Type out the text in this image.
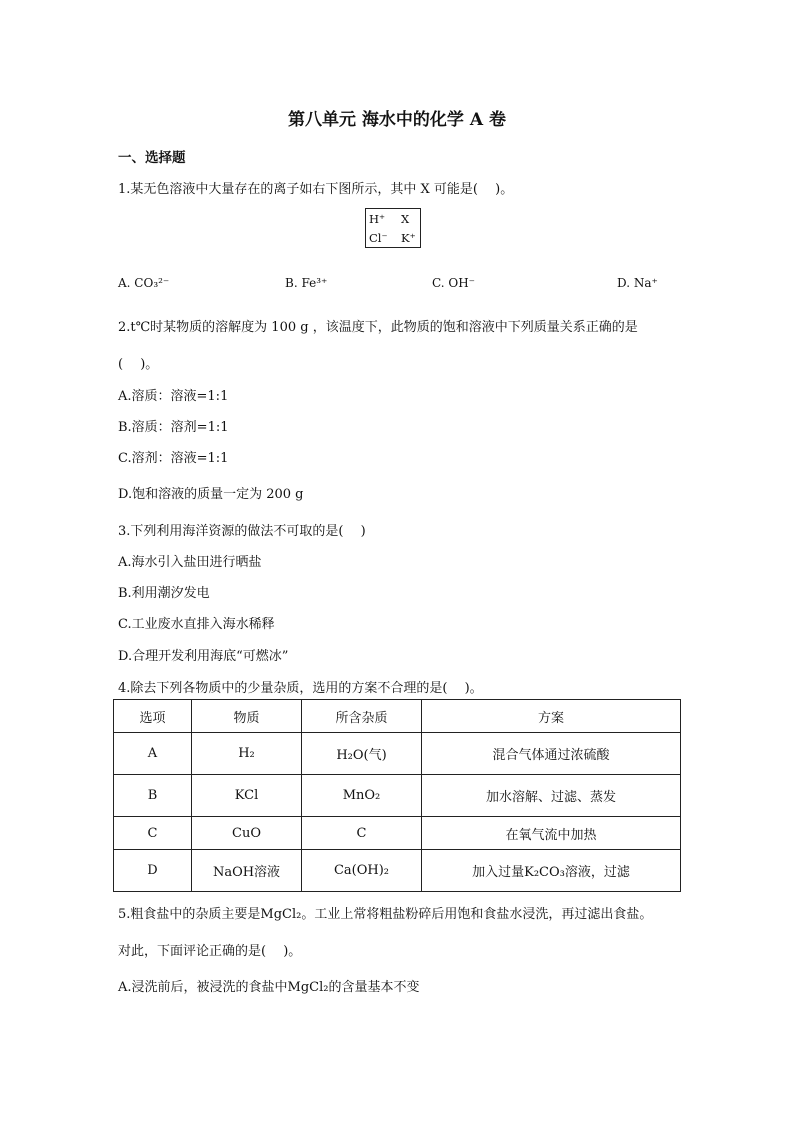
第八单元 海水中的化学 A 卷
一、选择题
1.某无色溶液中大量存在的离子如右下图所示，其中 X 可能是(　 )。
H⁺ X
Cl⁻ K⁺
A. CO₃²⁻	B. Fe³⁺	C. OH⁻	D. Na⁺
2.t℃时某物质的溶解度为 100 g ，该温度下，此物质的饱和溶液中下列质量关系正确的是
(　 )。
A.溶质：溶液=1:1
B.溶质：溶剂=1:1
C.溶剂：溶液=1:1
D.饱和溶液的质量一定为 200 g
3.下列利用海洋资源的做法不可取的是(　 )
A.海水引入盐田进行晒盐
B.利用潮汐发电
C.工业废水直排入海水稀释
D.合理开发利用海底“可燃冰”
4.除去下列各物质中的少量杂质，选用的方案不合理的是(　 )。
选项	物质	所含杂质	方案
A	H₂	H₂O(气)	混合气体通过浓硫酸
B	KCl	MnO₂	加水溶解、过滤、蒸发
C	CuO	C	在氧气流中加热
D	NaOH溶液	Ca(OH)₂	加入过量K₂CO₃溶液，过滤
5.粗食盐中的杂质主要是MgCl₂。工业上常将粗盐粉碎后用饱和食盐水浸洗，再过滤出食盐。
对此，下面评论正确的是(　 )。
A.浸洗前后，被浸洗的食盐中MgCl₂的含量基本不变
